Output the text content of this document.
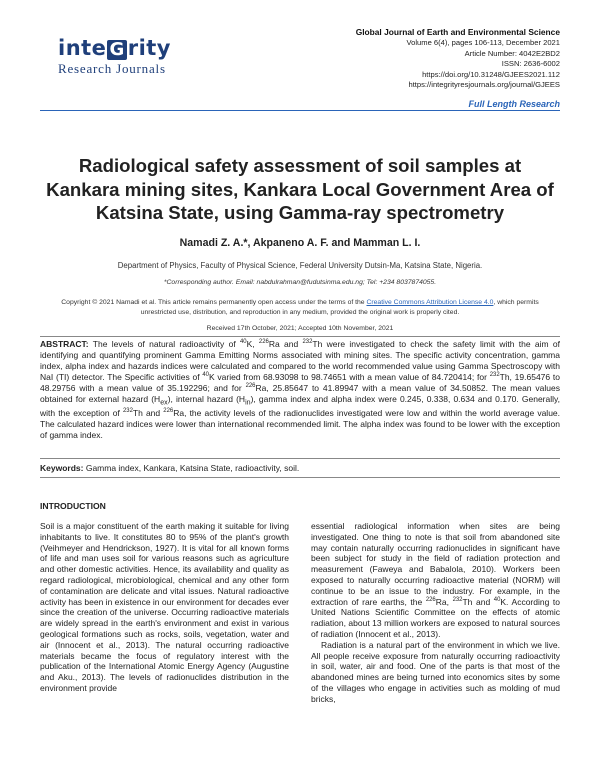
inte G rity
Research Journals
Global Journal of Earth and Environmental Science
Volume 6(4), pages 106-113, December 2021
Article Number: 4042E2BD2
ISSN: 2636-6002
https://doi.org/10.31248/GJEES2021.112
https://integrityresjournals.org/journal/GJEES
Full Length Research
Radiological safety assessment of soil samples at Kankara mining sites, Kankara Local Government Area of Katsina State, using Gamma-ray spectrometry
Namadi Z. A.*, Akpaneno A. F. and Mamman L. I.
Department of Physics, Faculty of Physical Science, Federal University Dutsin-Ma, Katsina State, Nigeria.
*Corresponding author. Email: nabdulrahman@fudutsinma.edu.ng; Tel: +234 8037874055.
Copyright © 2021 Namadi et al. This article remains permanently open access under the terms of the Creative Commons Attribution License 4.0, which permits unrestricted use, distribution, and reproduction in any medium, provided the original work is properly cited.
Received 17th October, 2021; Accepted 10th November, 2021
ABSTRACT: The levels of natural radioactivity of $^{40}$K, $^{226}$Ra and $^{232}$Th were investigated to check the safety limit with the aim of identifying and quantifying prominent Gamma Emitting Norms associated with mining sites. The specific activity concentration, gamma index, alpha index and hazards indices were calculated and compared to the world recommended value using Gamma Spectroscopy with NaI (TI) detector. The Specific activities of $^{40}$K varied from 68.93098 to 98.74651 with a mean value of 84.720414; for $^{232}$Th, 19.65476 to 48.29756 with a mean value of 35.192296; and for $^{226}$Ra, 25.85647 to 41.89947 with a mean value of 34.50852. The mean values obtained for external hazard $(H_{ex})$, internal hazard $(H_{in})$, gamma index and alpha index were 0.245, 0.338, 0.634 and 0.170. Generally, with the exception of $^{232}$Th and $^{226}$Ra, the activity levels of the radionuclides investigated were low and within the world average value. The calculated hazard indices were lower than international recommended limit. The alpha index was found to be lower with the exception of gamma index.
Keywords: Gamma index, Kankara, Katsina State, radioactivity, soil.
INTRODUCTION

Soil is a major constituent of the earth making it suitable for living inhabitants to live. It constitutes 80 to 95% of the plant's growth (Veihmeyer and Hendrickson, 1927). It is vital for all known forms of life and man uses soil for various reasons such as agriculture and other domestic activities. Hence, its availability and quality as regard radiological, microbiological, chemical and any other form of contamination are delicate and vital issues. Natural radioactive activity has been in existence in our environment for decades ever since the creation of the universe. Occurring radioactive materials are widely spread in the earth's environment and exist in various geological formations such as rocks, soils, vegetation, water and air (Innocent et al., 2013). The natural occurring radioactive materials became the focus of regulatory interest with the publication of the International Atomic Energy Agency (Augustine and Aku., 2013). The levels of radionuclides distribution in the environment provide

essential radiological information when sites are being investigated. One thing to note is that soil from abandoned site may contain naturally occurring radionuclides in significant have been subject for study in the field of radiation protection and measurement (Faweya and Babalola, 2010). Workers been exposed to naturally occurring radioactive material (NORM) will continue to be an issue to the industry. For example, in the extraction of rare earths, the $^{226}$Ra, $^{232}$Th and $^{40}$K. According to United Nations Scientific Committee on the effects of atomic radiation, about 13 million workers are exposed to natural sources of radiation (Innocent et al., 2013).

Radiation is a natural part of the environment in which we live. All people receive exposure from naturally occurring radioactivity in soil, water, air and food. One of the parts is that most of the abandoned mines are being turned into economics sites by some of the villages who engage in activities such as molding of mud bricks,
